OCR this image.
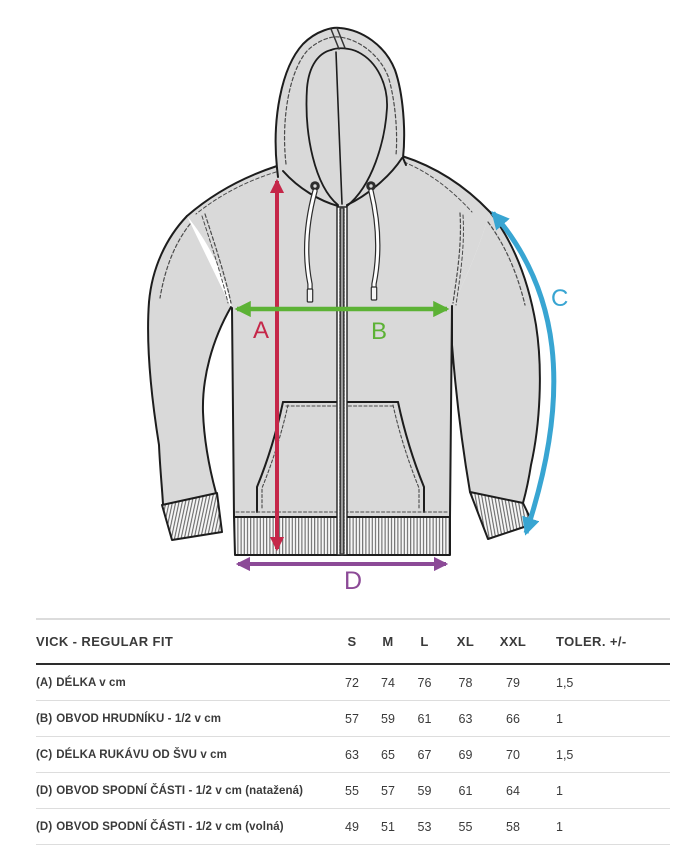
A	B
C
D
VICK - REGULAR FIT	S	M	L	XL	XXL	TOLER. +/-
(A) DÉLKA v cm	72	74	76	78	79	1,5
(B) OBVOD HRUDNÍKU - 1/2 v cm	57	59	61	63	66	1
(C) DÉLKA RUKÁVU OD ŠVU v cm	63	65	67	69	70	1,5
(D) OBVOD SPODNÍ ČÁSTI - 1/2 v cm (natažená)	55	57	59	61	64	1
(D) OBVOD SPODNÍ ČÁSTI - 1/2 v cm (volná)	49	51	53	55	58	1
